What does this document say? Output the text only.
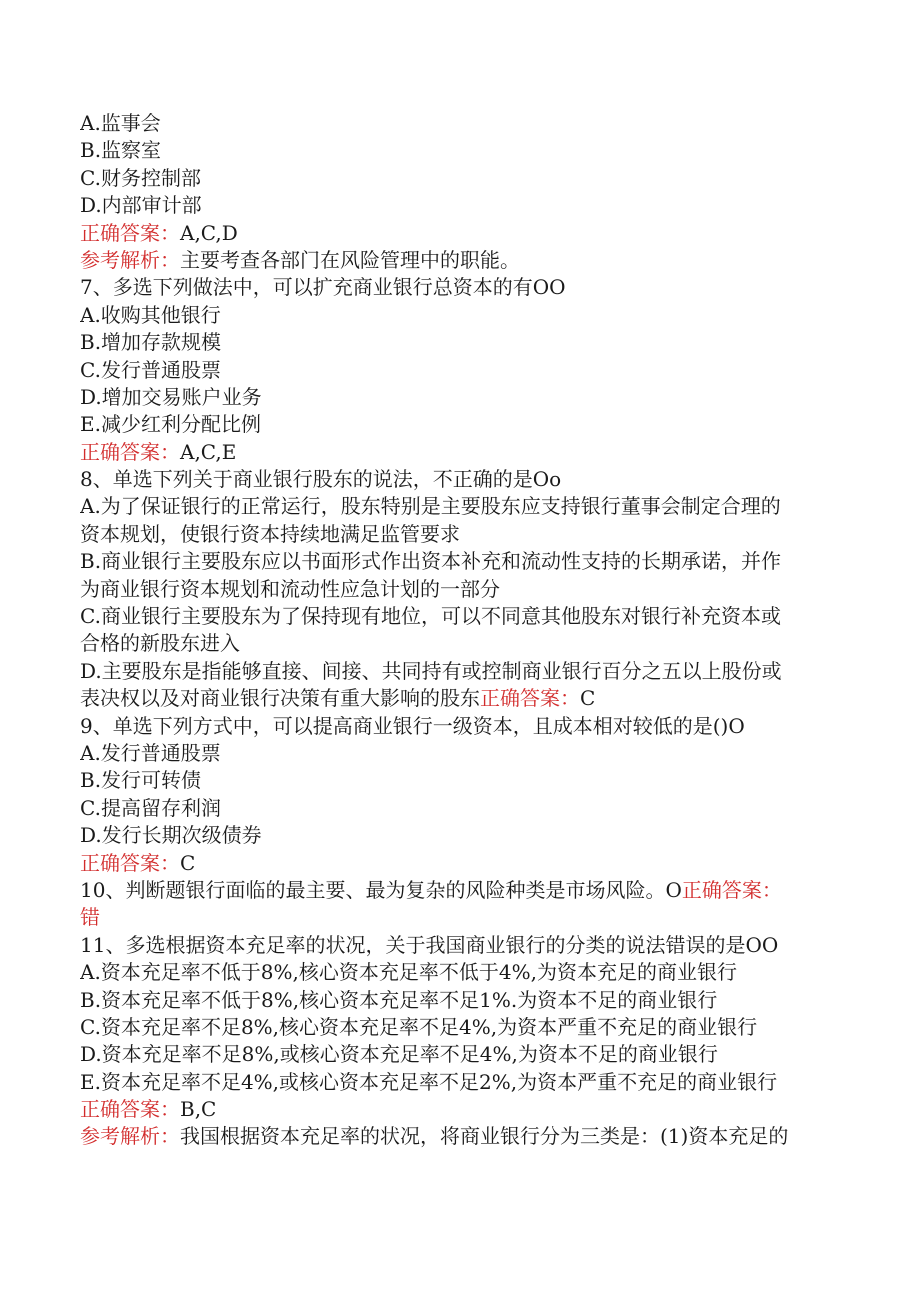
A.监事会
B.监察室
C.财务控制部
D.内部审计部
正确答案：A,C,D
参考解析：主要考查各部门在风险管理中的职能。
7、多选下列做法中，可以扩充商业银行总资本的有OO
A.收购其他银行
B.增加存款规模
C.发行普通股票
D.增加交易账户业务
E.减少红利分配比例
正确答案：A,C,E
8、单选下列关于商业银行股东的说法，不正确的是Oo
A.为了保证银行的正常运行，股东特别是主要股东应支持银行董事会制定合理的
资本规划，使银行资本持续地满足监管要求
B.商业银行主要股东应以书面形式作出资本补充和流动性支持的长期承诺，并作
为商业银行资本规划和流动性应急计划的一部分
C.商业银行主要股东为了保持现有地位，可以不同意其他股东对银行补充资本或
合格的新股东进入
D.主要股东是指能够直接、间接、共同持有或控制商业银行百分之五以上股份或
表决权以及对商业银行决策有重大影响的股东正确答案：C
9、单选下列方式中，可以提高商业银行一级资本，且成本相对较低的是()O
A.发行普通股票
B.发行可转债
C.提高留存利润
D.发行长期次级债券
正确答案：C
10、判断题银行面临的最主要、最为复杂的风险种类是市场风险。O正确答案：
错
11、多选根据资本充足率的状况，关于我国商业银行的分类的说法错误的是OO
A.资本充足率不低于8%,核心资本充足率不低于4%,为资本充足的商业银行
B.资本充足率不低于8%,核心资本充足率不足1%.为资本不足的商业银行
C.资本充足率不足8%,核心资本充足率不足4%,为资本严重不充足的商业银行
D.资本充足率不足8%,或核心资本充足率不足4%,为资本不足的商业银行
E.资本充足率不足4%,或核心资本充足率不足2%,为资本严重不充足的商业银行
正确答案：B,C
参考解析：我国根据资本充足率的状况，将商业银行分为三类是：(1)资本充足的
